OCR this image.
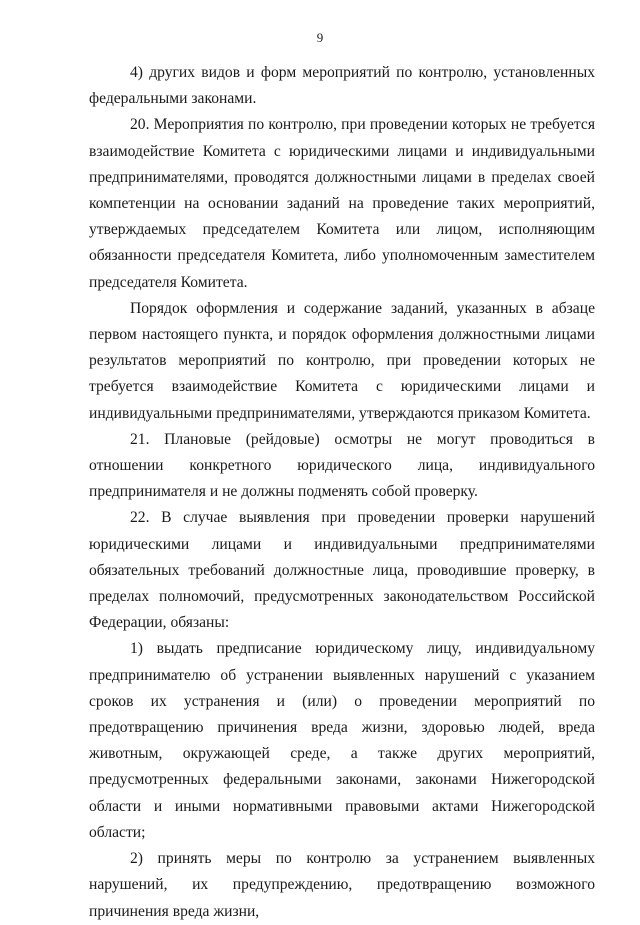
9

4) других видов и форм мероприятий по контролю, установленных федеральными законами.

20. Мероприятия по контролю, при проведении которых не требуется взаимодействие Комитета с юридическими лицами и индивидуальными предпринимателями, проводятся должностными лицами в пределах своей компетенции на основании заданий на проведение таких мероприятий, утверждаемых председателем Комитета или лицом, исполняющим обязанности председателя Комитета, либо уполномоченным заместителем председателя Комитета.

Порядок оформления и содержание заданий, указанных в абзаце первом настоящего пункта, и порядок оформления должностными лицами результатов мероприятий по контролю, при проведении которых не требуется взаимодействие Комитета с юридическими лицами и индивидуальными предпринимателями, утверждаются приказом Комитета.

21. Плановые (рейдовые) осмотры не могут проводиться в отношении конкретного юридического лица, индивидуального предпринимателя и не должны подменять собой проверку.

22. В случае выявления при проведении проверки нарушений юридическими лицами и индивидуальными предпринимателями обязательных требований должностные лица, проводившие проверку, в пределах полномочий, предусмотренных законодательством Российской Федерации, обязаны:

1) выдать предписание юридическому лицу, индивидуальному предпринимателю об устранении выявленных нарушений с указанием сроков их устранения и (или) о проведении мероприятий по предотвращению причинения вреда жизни, здоровью людей, вреда животным, окружающей среде, а также других мероприятий, предусмотренных федеральными законами, законами Нижегородской области и иными нормативными правовыми актами Нижегородской области;

2) принять меры по контролю за устранением выявленных нарушений, их предупреждению, предотвращению возможного причинения вреда жизни,
